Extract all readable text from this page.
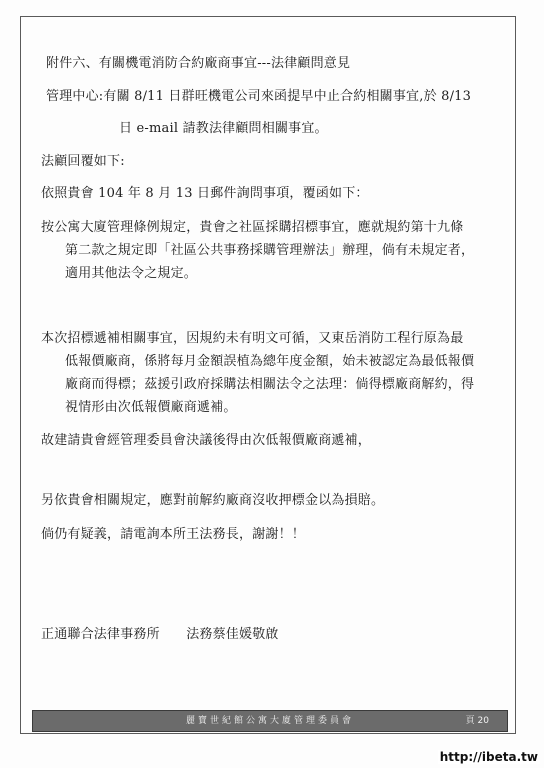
附件六、有關機電消防合約廠商事宜---法律顧問意見
管理中心:有關 8/11 日群旺機電公司來函提早中止合約相關事宜,於 8/13
日 e-mail 請教法律顧問相關事宜。
法顧回覆如下:
依照貴會 104 年 8 月 13 日郵件詢問事項，覆函如下：
按公寓大廈管理條例規定，貴會之社區採購招標事宜，應就規約第十九條
第二款之規定即「社區公共事務採購管理辦法」辦理，倘有未規定者，
適用其他法令之規定。
本次招標遞補相關事宜，因規約未有明文可循，又東岳消防工程行原為最
低報價廠商，係將每月金額誤植為總年度金額，始未被認定為最低報價
廠商而得標；茲援引政府採購法相關法令之法理：倘得標廠商解約，得
視情形由次低報價廠商遞補。
故建請貴會經管理委員會決議後得由次低報價廠商遞補，
另依貴會相關規定，應對前解約廠商沒收押標金以為損賠。
倘仍有疑義，請電詢本所王法務長，謝謝！！
正通聯合法律事務所　　法務蔡佳媛敬啟
麗寶世紀館公寓大廈管理委員會	頁 20
http://ibeta.tw
